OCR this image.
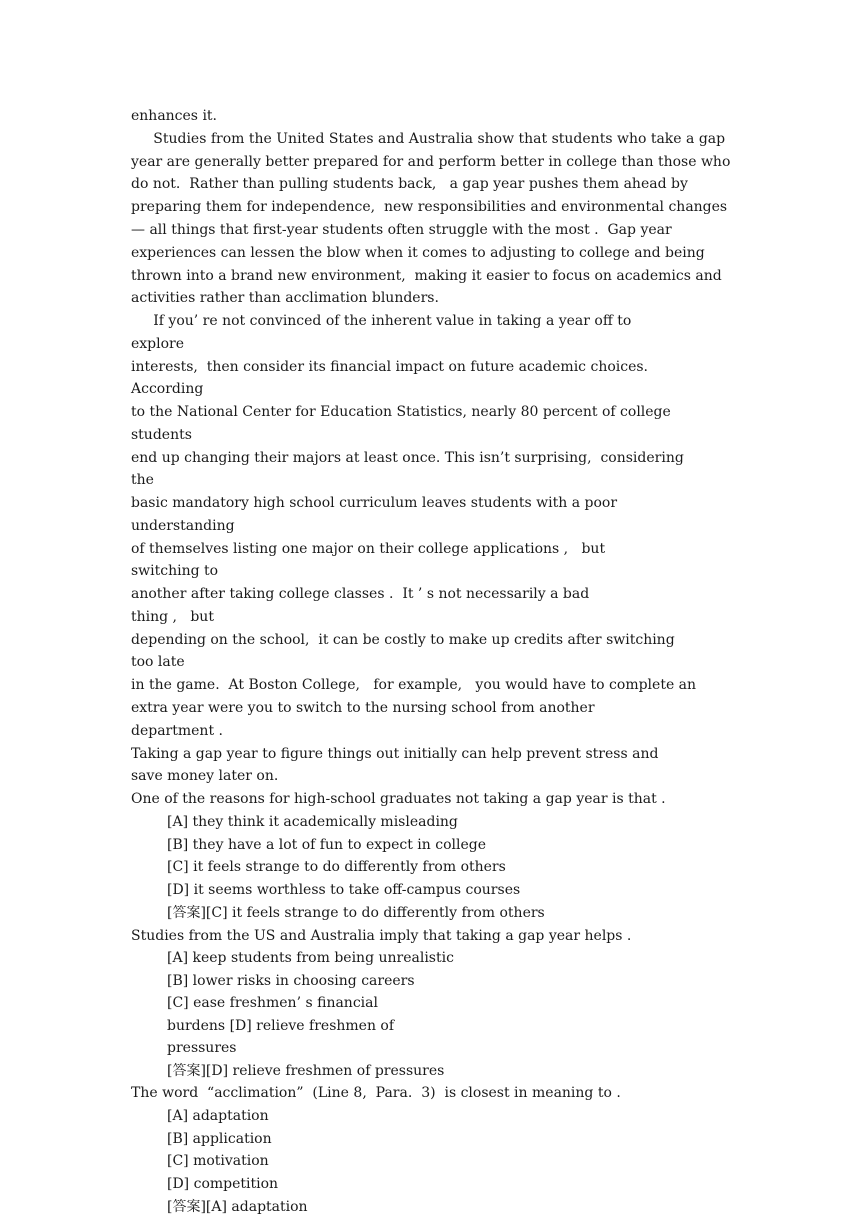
enhances it.
Studies from the United States and Australia show that students who take a gap
year are generally better prepared for and perform better in college than those who
do not.  Rather than pulling students back,   a gap year pushes them ahead by
preparing them for independence,  new responsibilities and environmental changes
— all things that first-year students often struggle with the most .  Gap year
experiences can lessen the blow when it comes to adjusting to college and being
thrown into a brand new environment,  making it easier to focus on academics and
activities rather than acclimation blunders.
If you’ re not convinced of the inherent value in taking a year off to
explore
interests,  then consider its financial impact on future academic choices.
According
to the National Center for Education Statistics, nearly 80 percent of college
students
end up changing their majors at least once. This isn’t surprising,  considering
the
basic mandatory high school curriculum leaves students with a poor
understanding
of themselves listing one major on their college applications ,   but
switching to
another after taking college classes .  It ’ s not necessarily a bad
thing ,   but
depending on the school,  it can be costly to make up credits after switching
too late
in the game.  At Boston College,   for example,   you would have to complete an
extra year were you to switch to the nursing school from another
department .
Taking a gap year to figure things out initially can help prevent stress and
save money later on.
One of the reasons for high-school graduates not taking a gap year is that .
[A] they think it academically misleading
[B] they have a lot of fun to expect in college
[C] it feels strange to do differently from others
[D] it seems worthless to take off-campus courses
[答案][C] it feels strange to do differently from others
Studies from the US and Australia imply that taking a gap year helps .
[A] keep students from being unrealistic
[B] lower risks in choosing careers
[C] ease freshmen’ s financial
burdens [D] relieve freshmen of
pressures
[答案][D] relieve freshmen of pressures
The word  “acclimation”  (Line 8,  Para.  3)  is closest in meaning to .
[A] adaptation
[B] application
[C] motivation
[D] competition
[答案][A] adaptation
